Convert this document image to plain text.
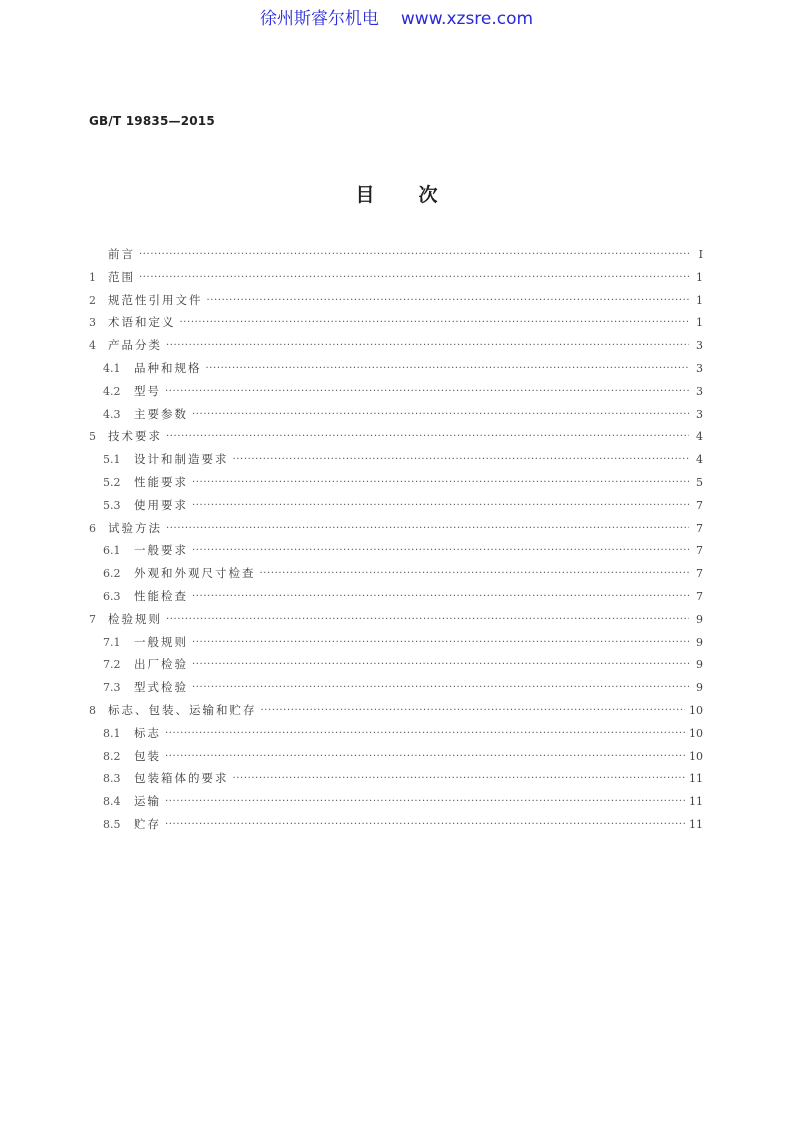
徐州斯睿尔机电 www.xzsre.com
GB/T 19835—2015
目次
前言 ·····	Ⅰ
1	范围 ·····	1
2	规范性引用文件 ·····	1
3	术语和定义 ·····	1
4	产品分类 ·····	3
4.1	品种和规格 ·····	3
4.2	型号 ·····	3
4.3	主要参数 ·····	3
5	技术要求 ·····	4
5.1	设计和制造要求 ·····	4
5.2	性能要求 ·····	5
5.3	使用要求 ·····	7
6	试验方法 ·····	7
6.1	一般要求 ·····	7
6.2	外观和外观尺寸检查 ·····	7
6.3	性能检查 ·····	7
7	检验规则 ·····	9
7.1	一般规则 ·····	9
7.2	出厂检验 ·····	9
7.3	型式检验 ·····	9
8	标志、包装、运输和贮存 ·····	10
8.1	标志 ·····	10
8.2	包装 ·····	10
8.3	包装箱体的要求 ·····	11
8.4	运输 ·····	11
8.5	贮存 ·····	11
